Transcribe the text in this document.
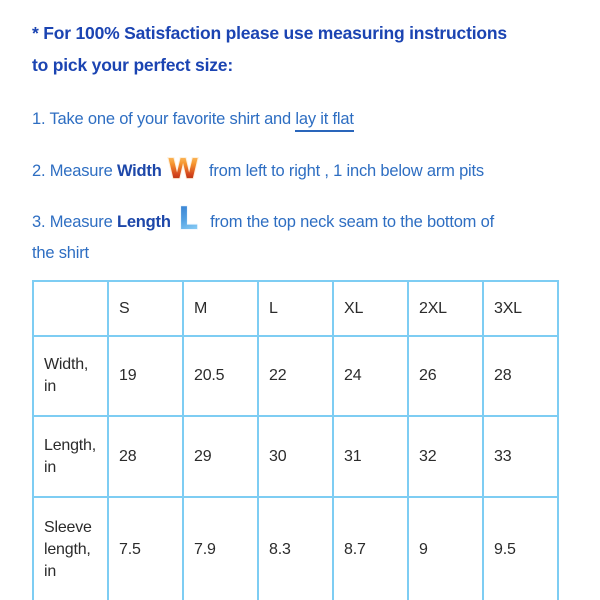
* For 100% Satisfaction please use measuring instructions
to pick your perfect size:

1. Take one of your favorite shirt and lay it flat

2. Measure Width W from left to right , 1 inch below arm pits

3. Measure Length L from the top neck seam to the bottom of
the shirt

	S	M	L	XL	2XL	3XL
Width, in	19	20.5	22	24	26	28
Length, in	28	29	30	31	32	33
Sleeve length, in	7.5	7.9	8.3	8.7	9	9.5
